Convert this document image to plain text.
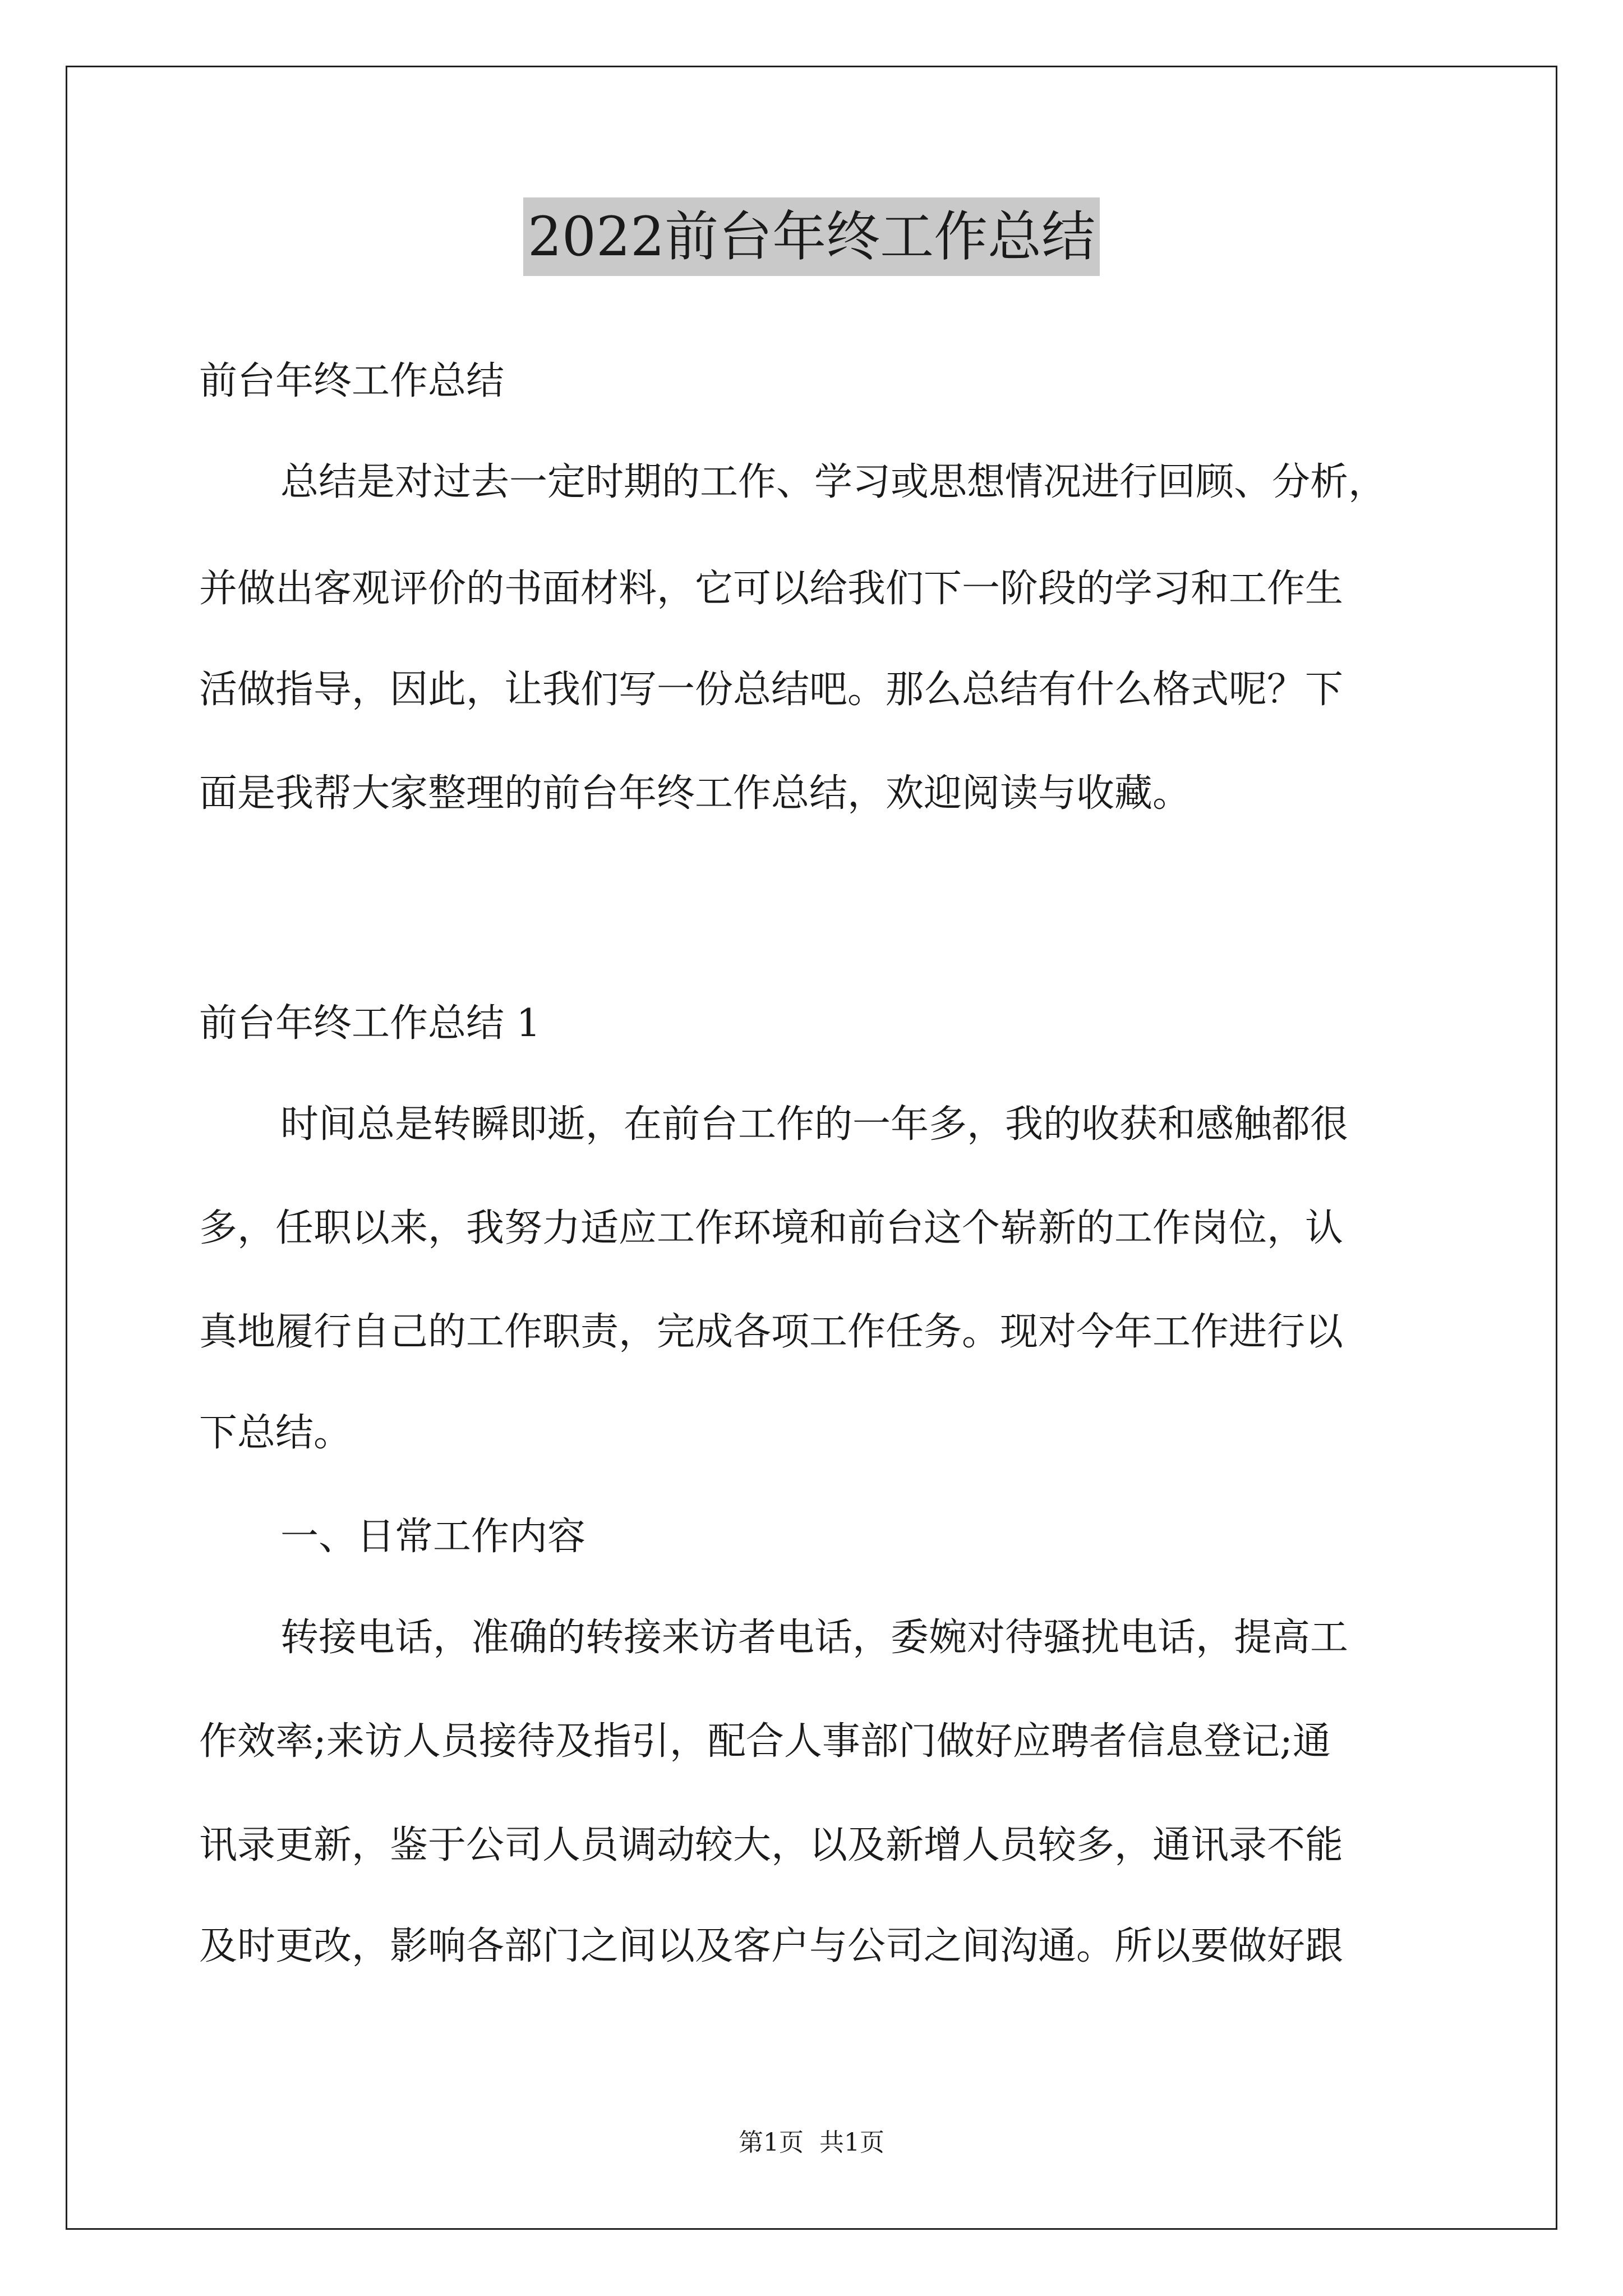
2022前台年终工作总结

前台年终工作总结

总结是对过去一定时期的工作、学习或思想情况进行回顾、分析，

并做出客观评价的书面材料，它可以给我们下一阶段的学习和工作生

活做指导，因此，让我们写一份总结吧。那么总结有什么格式呢？下

面是我帮大家整理的前台年终工作总结，欢迎阅读与收藏。

前台年终工作总结 1

时间总是转瞬即逝，在前台工作的一年多，我的收获和感触都很

多，任职以来，我努力适应工作环境和前台这个崭新的工作岗位，认

真地履行自己的工作职责，完成各项工作任务。现对今年工作进行以

下总结。

一、日常工作内容

转接电话，准确的转接来访者电话，委婉对待骚扰电话，提高工

作效率;来访人员接待及指引，配合人事部门做好应聘者信息登记;通

讯录更新，鉴于公司人员调动较大，以及新增人员较多，通讯录不能

及时更改，影响各部门之间以及客户与公司之间沟通。所以要做好跟

第1页 共1页
